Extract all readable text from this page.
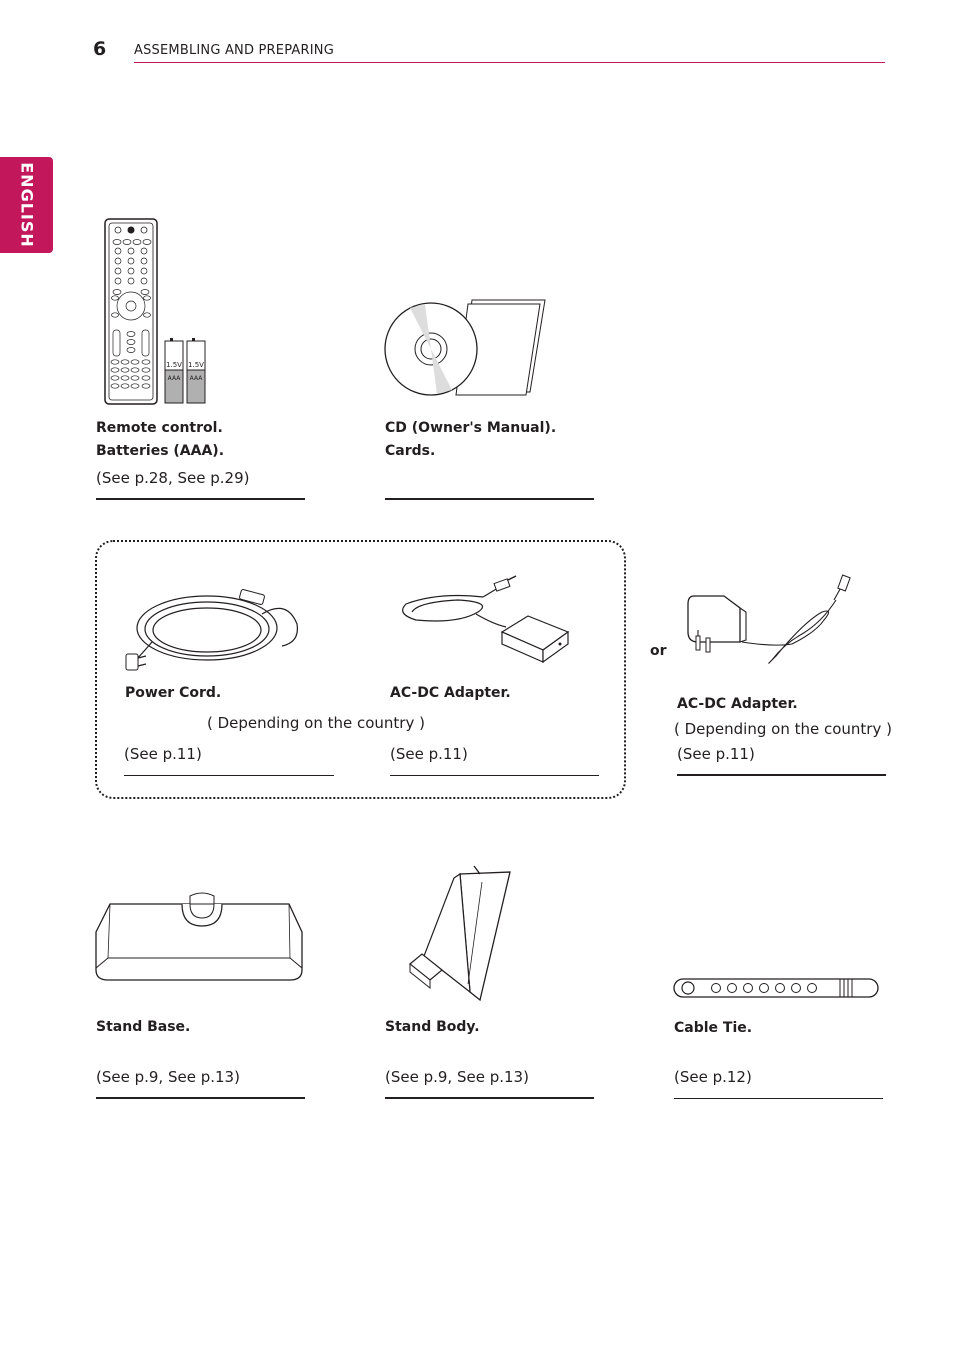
6 ASSEMBLING AND PREPARING
ENGLISH
1.5V 1.5V
AAA AAA
Remote control.
Batteries (AAA).
(See p.28, See p.29)
CD (Owner's Manual).
Cards.
or
Power Cord.
( Depending on the country )
(See p.11)
AC-DC Adapter.
(See p.11)
AC-DC Adapter.
( Depending on the country )
(See p.11)
Stand Base.
(See p.9, See p.13)
Stand Body.
(See p.9, See p.13)
Cable Tie.
(See p.12)
